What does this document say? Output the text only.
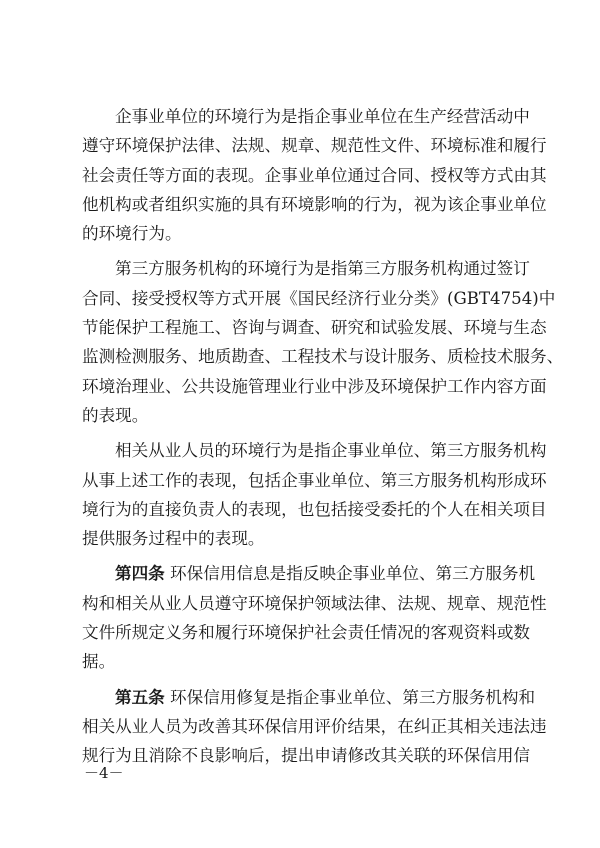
企事业单位的环境行为是指企事业单位在生产经营活动中
遵守环境保护法律、法规、规章、规范性文件、环境标准和履行
社会责任等方面的表现。企事业单位通过合同、授权等方式由其
他机构或者组织实施的具有环境影响的行为，视为该企事业单位
的环境行为。

第三方服务机构的环境行为是指第三方服务机构通过签订
合同、接受授权等方式开展《国民经济行业分类》(GBT4754)中
节能保护工程施工、咨询与调查、研究和试验发展、环境与生态
监测检测服务、地质勘查、工程技术与设计服务、质检技术服务、
环境治理业、公共设施管理业行业中涉及环境保护工作内容方面
的表现。

相关从业人员的环境行为是指企事业单位、第三方服务机构
从事上述工作的表现，包括企事业单位、第三方服务机构形成环
境行为的直接负责人的表现，也包括接受委托的个人在相关项目
提供服务过程中的表现。

第四条 环保信用信息是指反映企事业单位、第三方服务机
构和相关从业人员遵守环境保护领域法律、法规、规章、规范性
文件所规定义务和履行环境保护社会责任情况的客观资料或数
据。

第五条 环保信用修复是指企事业单位、第三方服务机构和
相关从业人员为改善其环保信用评价结果，在纠正其相关违法违
规行为且消除不良影响后，提出申请修改其关联的环保信用信

－4－
